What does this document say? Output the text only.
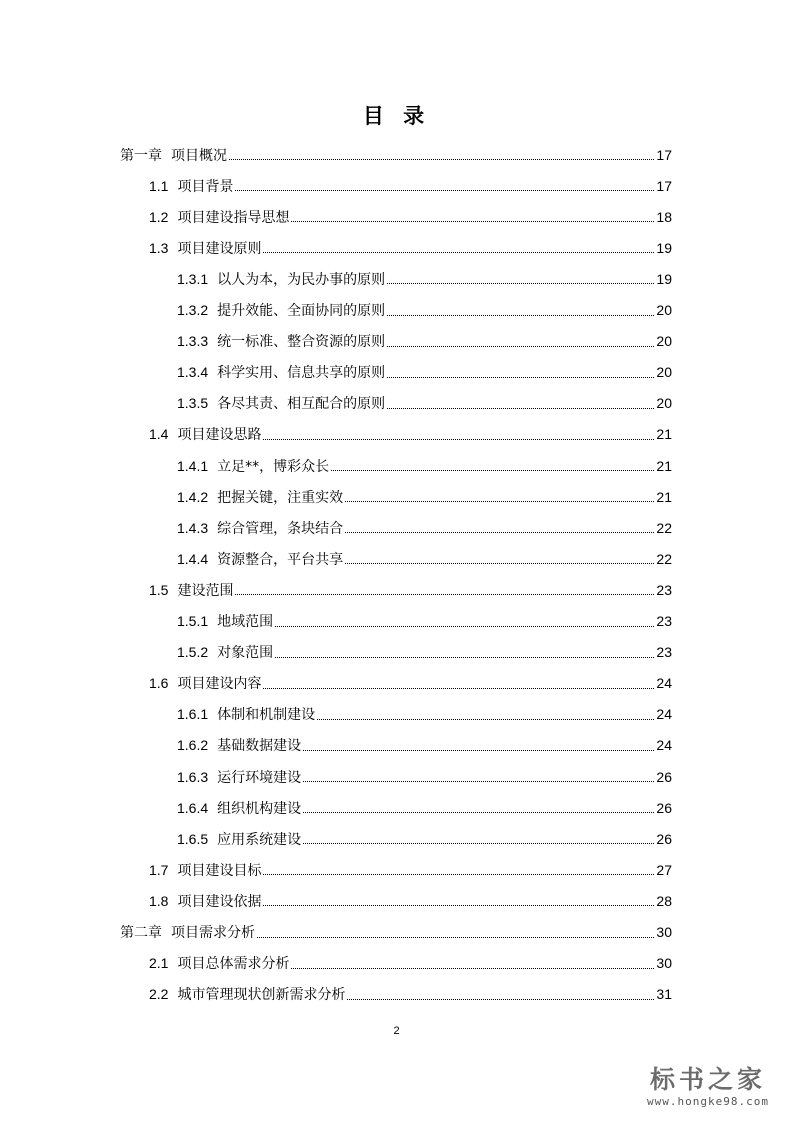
目 录
第一章 项目概况	17
1.1 项目背景	17
1.2 项目建设指导思想	18
1.3 项目建设原则	19
1.3.1 以人为本，为民办事的原则	19
1.3.2 提升效能、全面协同的原则	20
1.3.3 统一标准、整合资源的原则	20
1.3.4 科学实用、信息共享的原则	20
1.3.5 各尽其责、相互配合的原则	20
1.4 项目建设思路	21
1.4.1 立足**，博彩众长	21
1.4.2 把握关键，注重实效	21
1.4.3 综合管理，条块结合	22
1.4.4 资源整合，平台共享	22
1.5 建设范围	23
1.5.1 地域范围	23
1.5.2 对象范围	23
1.6 项目建设内容	24
1.6.1 体制和机制建设	24
1.6.2 基础数据建设	24
1.6.3 运行环境建设	26
1.6.4 组织机构建设	26
1.6.5 应用系统建设	26
1.7 项目建设目标	27
1.8 项目建设依据	28
第二章 项目需求分析	30
2.1 项目总体需求分析	30
2.2 城市管理现状创新需求分析	31
2
标书之家
www.hongke98.com
